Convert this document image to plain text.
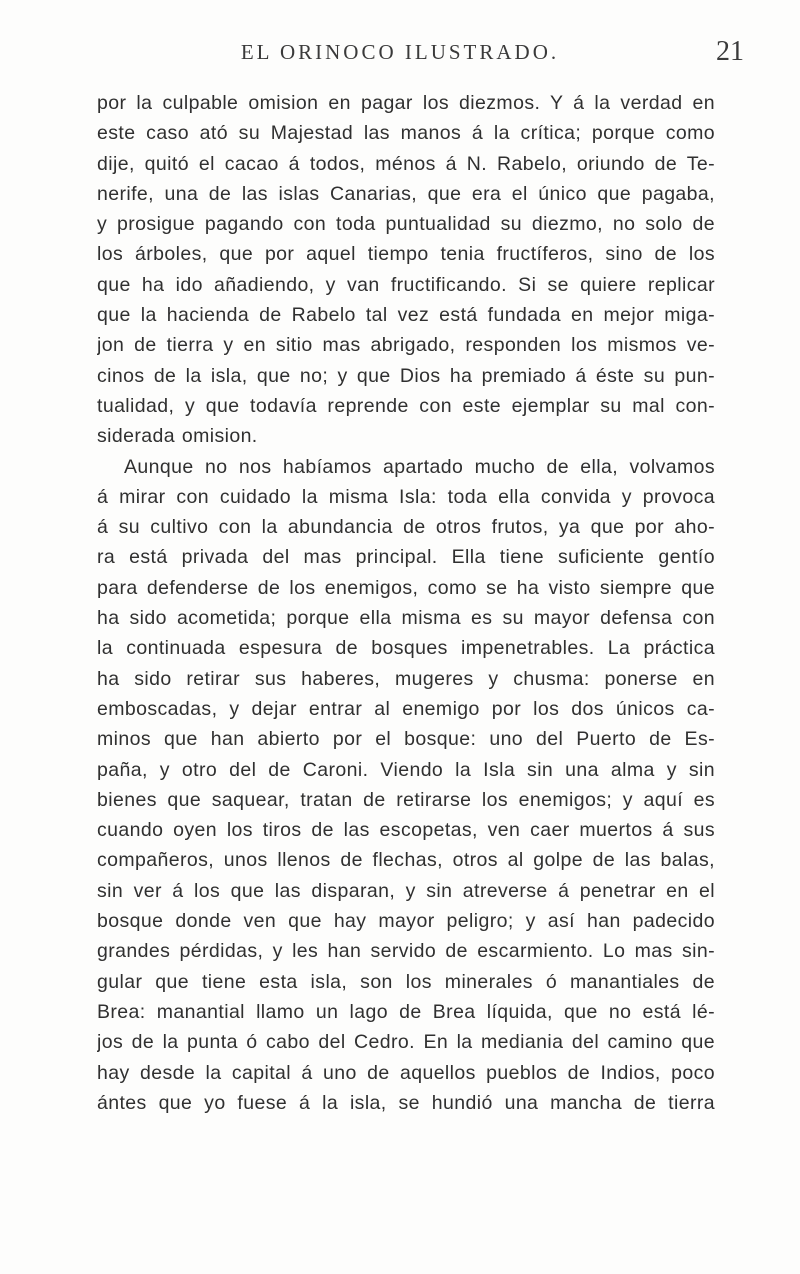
EL ORINOCO ILUSTRADO.	21
por la culpable omision en pagar los diezmos. Y á la verdad en
este caso ató su Majestad las manos á la crítica; porque como
dije, quitó el cacao á todos, ménos á N. Rabelo, oriundo de Te-
nerife, una de las islas Canarias, que era el único que pagaba,
y prosigue pagando con toda puntualidad su diezmo, no solo de
los árboles, que por aquel tiempo tenia fructíferos, sino de los
que ha ido añadiendo, y van fructificando. Si se quiere replicar
que la hacienda de Rabelo tal vez está fundada en mejor miga-
jon de tierra y en sitio mas abrigado, responden los mismos ve-
cinos de la isla, que no; y que Dios ha premiado á éste su pun-
tualidad, y que todavía reprende con este ejemplar su mal con-
siderada omision.
Aunque no nos habíamos apartado mucho de ella, volvamos
á mirar con cuidado la misma Isla: toda ella convida y provoca
á su cultivo con la abundancia de otros frutos, ya que por aho-
ra está privada del mas principal. Ella tiene suficiente gentío
para defenderse de los enemigos, como se ha visto siempre que
ha sido acometida; porque ella misma es su mayor defensa con
la continuada espesura de bosques impenetrables. La práctica
ha sido retirar sus haberes, mugeres y chusma: ponerse en
emboscadas, y dejar entrar al enemigo por los dos únicos ca-
minos que han abierto por el bosque: uno del Puerto de Es-
paña, y otro del de Caroni. Viendo la Isla sin una alma y sin
bienes que saquear, tratan de retirarse los enemigos; y aquí es
cuando oyen los tiros de las escopetas, ven caer muertos á sus
compañeros, unos llenos de flechas, otros al golpe de las balas,
sin ver á los que las disparan, y sin atreverse á penetrar en el
bosque donde ven que hay mayor peligro; y así han padecido
grandes pérdidas, y les han servido de escarmiento. Lo mas sin-
gular que tiene esta isla, son los minerales ó manantiales de
Brea: manantial llamo un lago de Brea líquida, que no está lé-
jos de la punta ó cabo del Cedro. En la mediania del camino que
hay desde la capital á uno de aquellos pueblos de Indios, poco
ántes que yo fuese á la isla, se hundió una mancha de tierra
